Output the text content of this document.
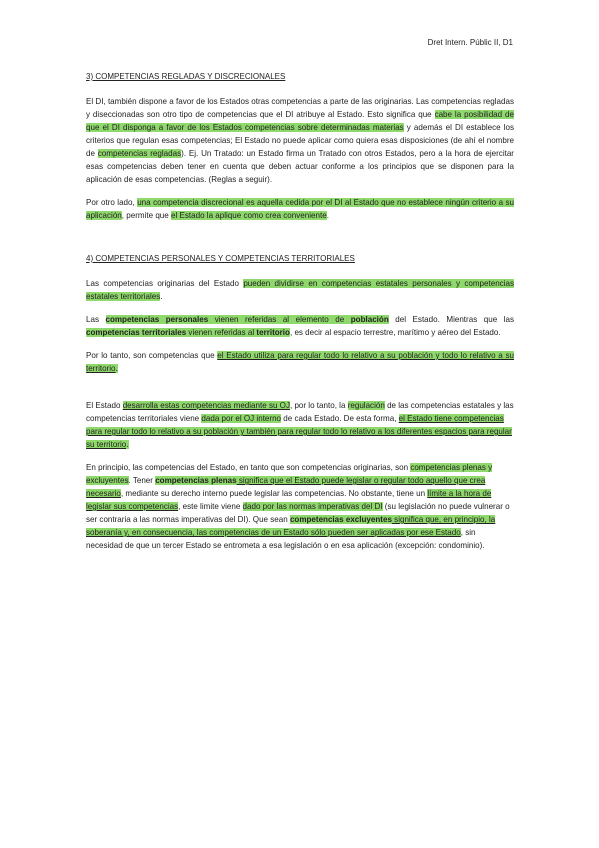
Dret Intern. Públic II, D1
3) COMPETENCIAS REGLADAS Y DISCRECIONALES

El DI, también dispone a favor de los Estados otras competencias a parte de las originarias. Las competencias regladas y diseccionadas son otro tipo de competencias que el DI atribuye al Estado. Esto significa que cabe la posibilidad de que el DI disponga a favor de los Estados competencias sobre determinadas materias y además el DI establece los criterios que regulan esas competencias; El Estado no puede aplicar como quiera esas disposiciones (de ahí el nombre de competencias regladas). Ej. Un Tratado: un Estado firma un Tratado con otros Estados, pero a la hora de ejercitar esas competencias deben tener en cuenta que deben actuar conforme a los principios que se disponen para la aplicación de esas competencias. (Reglas a seguir).

Por otro lado, una competencia discrecional es aquella cedida por el DI al Estado que no establece ningún criterio a su aplicación, permite que el Estado la aplique como crea conveniente.

4) COMPETENCIAS PERSONALES Y COMPETENCIAS TERRITORIALES

Las competencias originarias del Estado pueden dividirse en competencias estatales personales y competencias estatales territoriales.

Las competencias personales vienen referidas al elemento de población del Estado. Mientras que las competencias territoriales vienen referidas al territorio, es decir al espacio terrestre, marítimo y aéreo del Estado.

Por lo tanto, son competencias que el Estado utiliza para regular todo lo relativo a su población y todo lo relativo a su territorio.

El Estado desarrolla estas competencias mediante su OJ, por lo tanto, la regulación de las competencias estatales y las competencias territoriales viene dada por el OJ interno de cada Estado. De esta forma, el Estado tiene competencias para regular todo lo relativo a su población y también para regular todo lo relativo a los diferentes espacios para regular su territorio.

En principio, las competencias del Estado, en tanto que son competencias originarias, son competencias plenas y excluyentes. Tener competencias plenas significa que el Estado puede legislar o regular todo aquello que crea necesario, mediante su derecho interno puede legislar las competencias. No obstante, tiene un límite a la hora de legislar sus competencias, este limite viene dado por las normas imperativas del DI (su legislación no puede vulnerar o ser contraria a las normas imperativas del DI). Que sean competencias excluyentes significa que, en principio, la soberanía y, en consecuencia, las competencias de un Estado sólo pueden ser aplicadas por ese Estado, sin necesidad de que un tercer Estado se entrometa a esa legislación o en esa aplicación (excepción: condominio).
